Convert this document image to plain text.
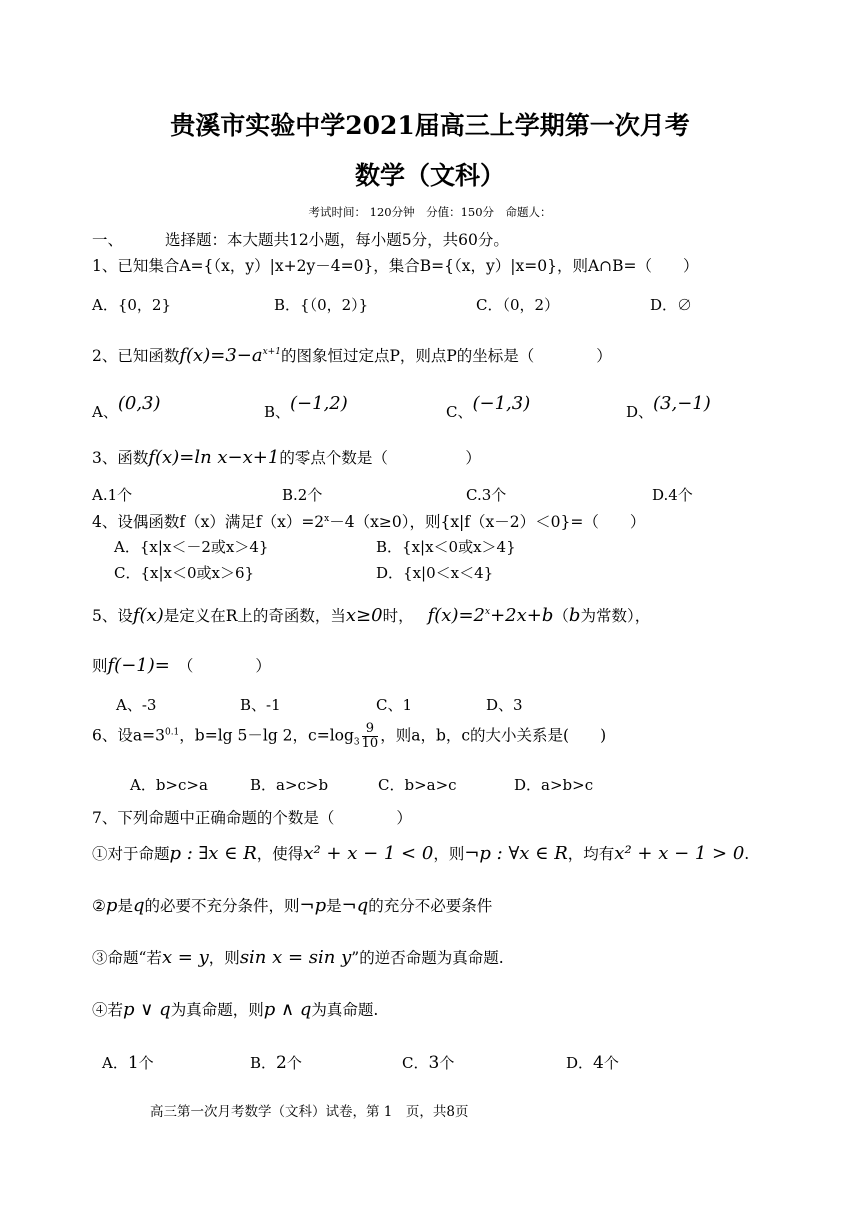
贵溪市实验中学2021届高三上学期第一次月考
数学（文科）
考试时间： 120分钟　分值：150分　命题人：
一、	选择题：本大题共12小题，每小题5分，共60分。
1、已知集合A={（x，y）|x+2y－4=0}，集合B={（x，y）|x=0}，则A∩B=（　　）
A．{0，2}	B．{（0，2）}	C．（0，2）	D．∅
2、已知函数$f(x)=3-a^{x+1}$的图象恒过定点P，则点P的坐标是（　　　　）
A、(0,3)	B、(−1,2)	C、(−1,3)	D、(3,−1)
3、函数f(x)=ln x−x+1的零点个数是（　　　　　）
A.1个	B.2个	C.3个	D.4个
4、设偶函数f（x）满足$f(x)=2^x-4(x\ge 0)$，则{x|f（x－2）＜0}=（　　）
A．{x|x＜－2或x＞4}	B．{x|x＜0或x＞4}
C．{x|x＜0或x＞6}	D．{x|0＜x＜4}
5、设f(x)是定义在R上的奇函数，当x≥0时， $f(x)=2^x+2x+b(b$为常数），
则f(−1)= （　　　　）
A、-3	B、-1	C、1	D、3
6、设$a=3^{0.1}$，b=lg 5－lg 2，$c=\log_3 \frac{9}{10}$ ，则a，b，c的大小关系是(　　)
A．b>c>a	B．a>c>b	C．b>a>c	D．a>b>c
7、下列命题中正确命题的个数是（　　　　）
①对于命题p : ∃x ∈ R，使得x² + x − 1 < 0，则¬p : ∀x ∈ R，均有x² + x − 1 > 0.
②p是q的必要不充分条件，则¬p是¬q的充分不必要条件
③命题“若x = y，则sin x = sin y”的逆否命题为真命题.
④若p ∨ q为真命题，则p ∧ q为真命题.
A．1个	B．2个	C．3个	D．4个
高三第一次月考数学（文科）试卷，第 1　页，共8页
